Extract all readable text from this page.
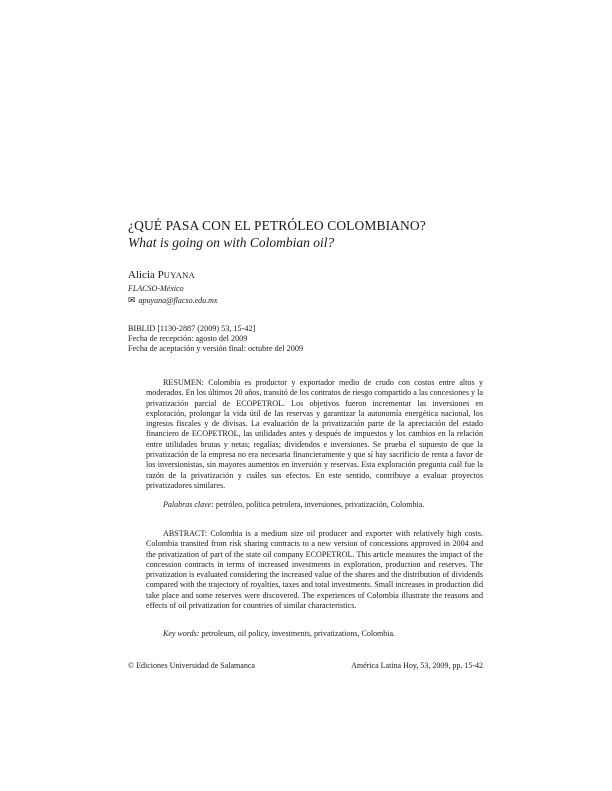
¿QUÉ PASA CON EL PETRÓLEO COLOMBIANO?
What is going on with Colombian oil?
Alicia PUYANA
FLACSO-México
✉ apuyana@flacso.edu.mx
BIBLID [1130-2887 (2009) 53, 15-42]
Fecha de recepción: agosto del 2009
Fecha de aceptación y versión final: octubre del 2009

RESUMEN: Colombia es productor y exportador medio de crudo con costos entre altos y moderados. En los últimos 20 años, transitó de los contratos de riesgo compartido a las concesiones y la privatización parcial de ECOPETROL. Los objetivos fueron incrementar las inversiones en exploración, prolongar la vida útil de las reservas y garantizar la autonomía energética nacional, los ingresos fiscales y de divisas. La evaluación de la privatización parte de la apreciación del estado financiero de ECOPETROL, las utilidades antes y después de impuestos y los cambios en la relación entre utilidades brutas y netas; regalías; dividendos e inversiones. Se prueba el supuesto de que la privatización de la empresa no era necesaria financieramente y que sí hay sacrificio de renta a favor de los inversionistas, sin mayores aumentos en inversión y reservas. Esta exploración pregunta cuál fue la razón de la privatización y cuáles sus efectos. En este sentido, contribuye a evaluar proyectos privatizadores similares.

Palabras clave: petróleo, política petrolera, inversiones, privatización, Colombia.

ABSTRACT: Colombia is a medium size oil producer and exporter with relatively high costs. Colombia transited from risk sharing contracts to a new version of concessions approved in 2004 and the privatization of part of the state oil company ECOPETROL. This article measures the impact of the concession contracts in terms of increased investments in exploration, production and reserves. The privatization is evaluated considering the increased value of the shares and the distribution of dividends compared with the trajectory of royalties, taxes and total investments. Small increases in production did take place and some reserves were discovered. The experiences of Colombia illustrate the reasons and effects of oil privatization for countries of similar characteristics.

Key words: petroleum, oil policy, investments, privatizations, Colombia.
© Ediciones Universidad de Salamanca	América Latina Hoy, 53, 2009, pp. 15-42
